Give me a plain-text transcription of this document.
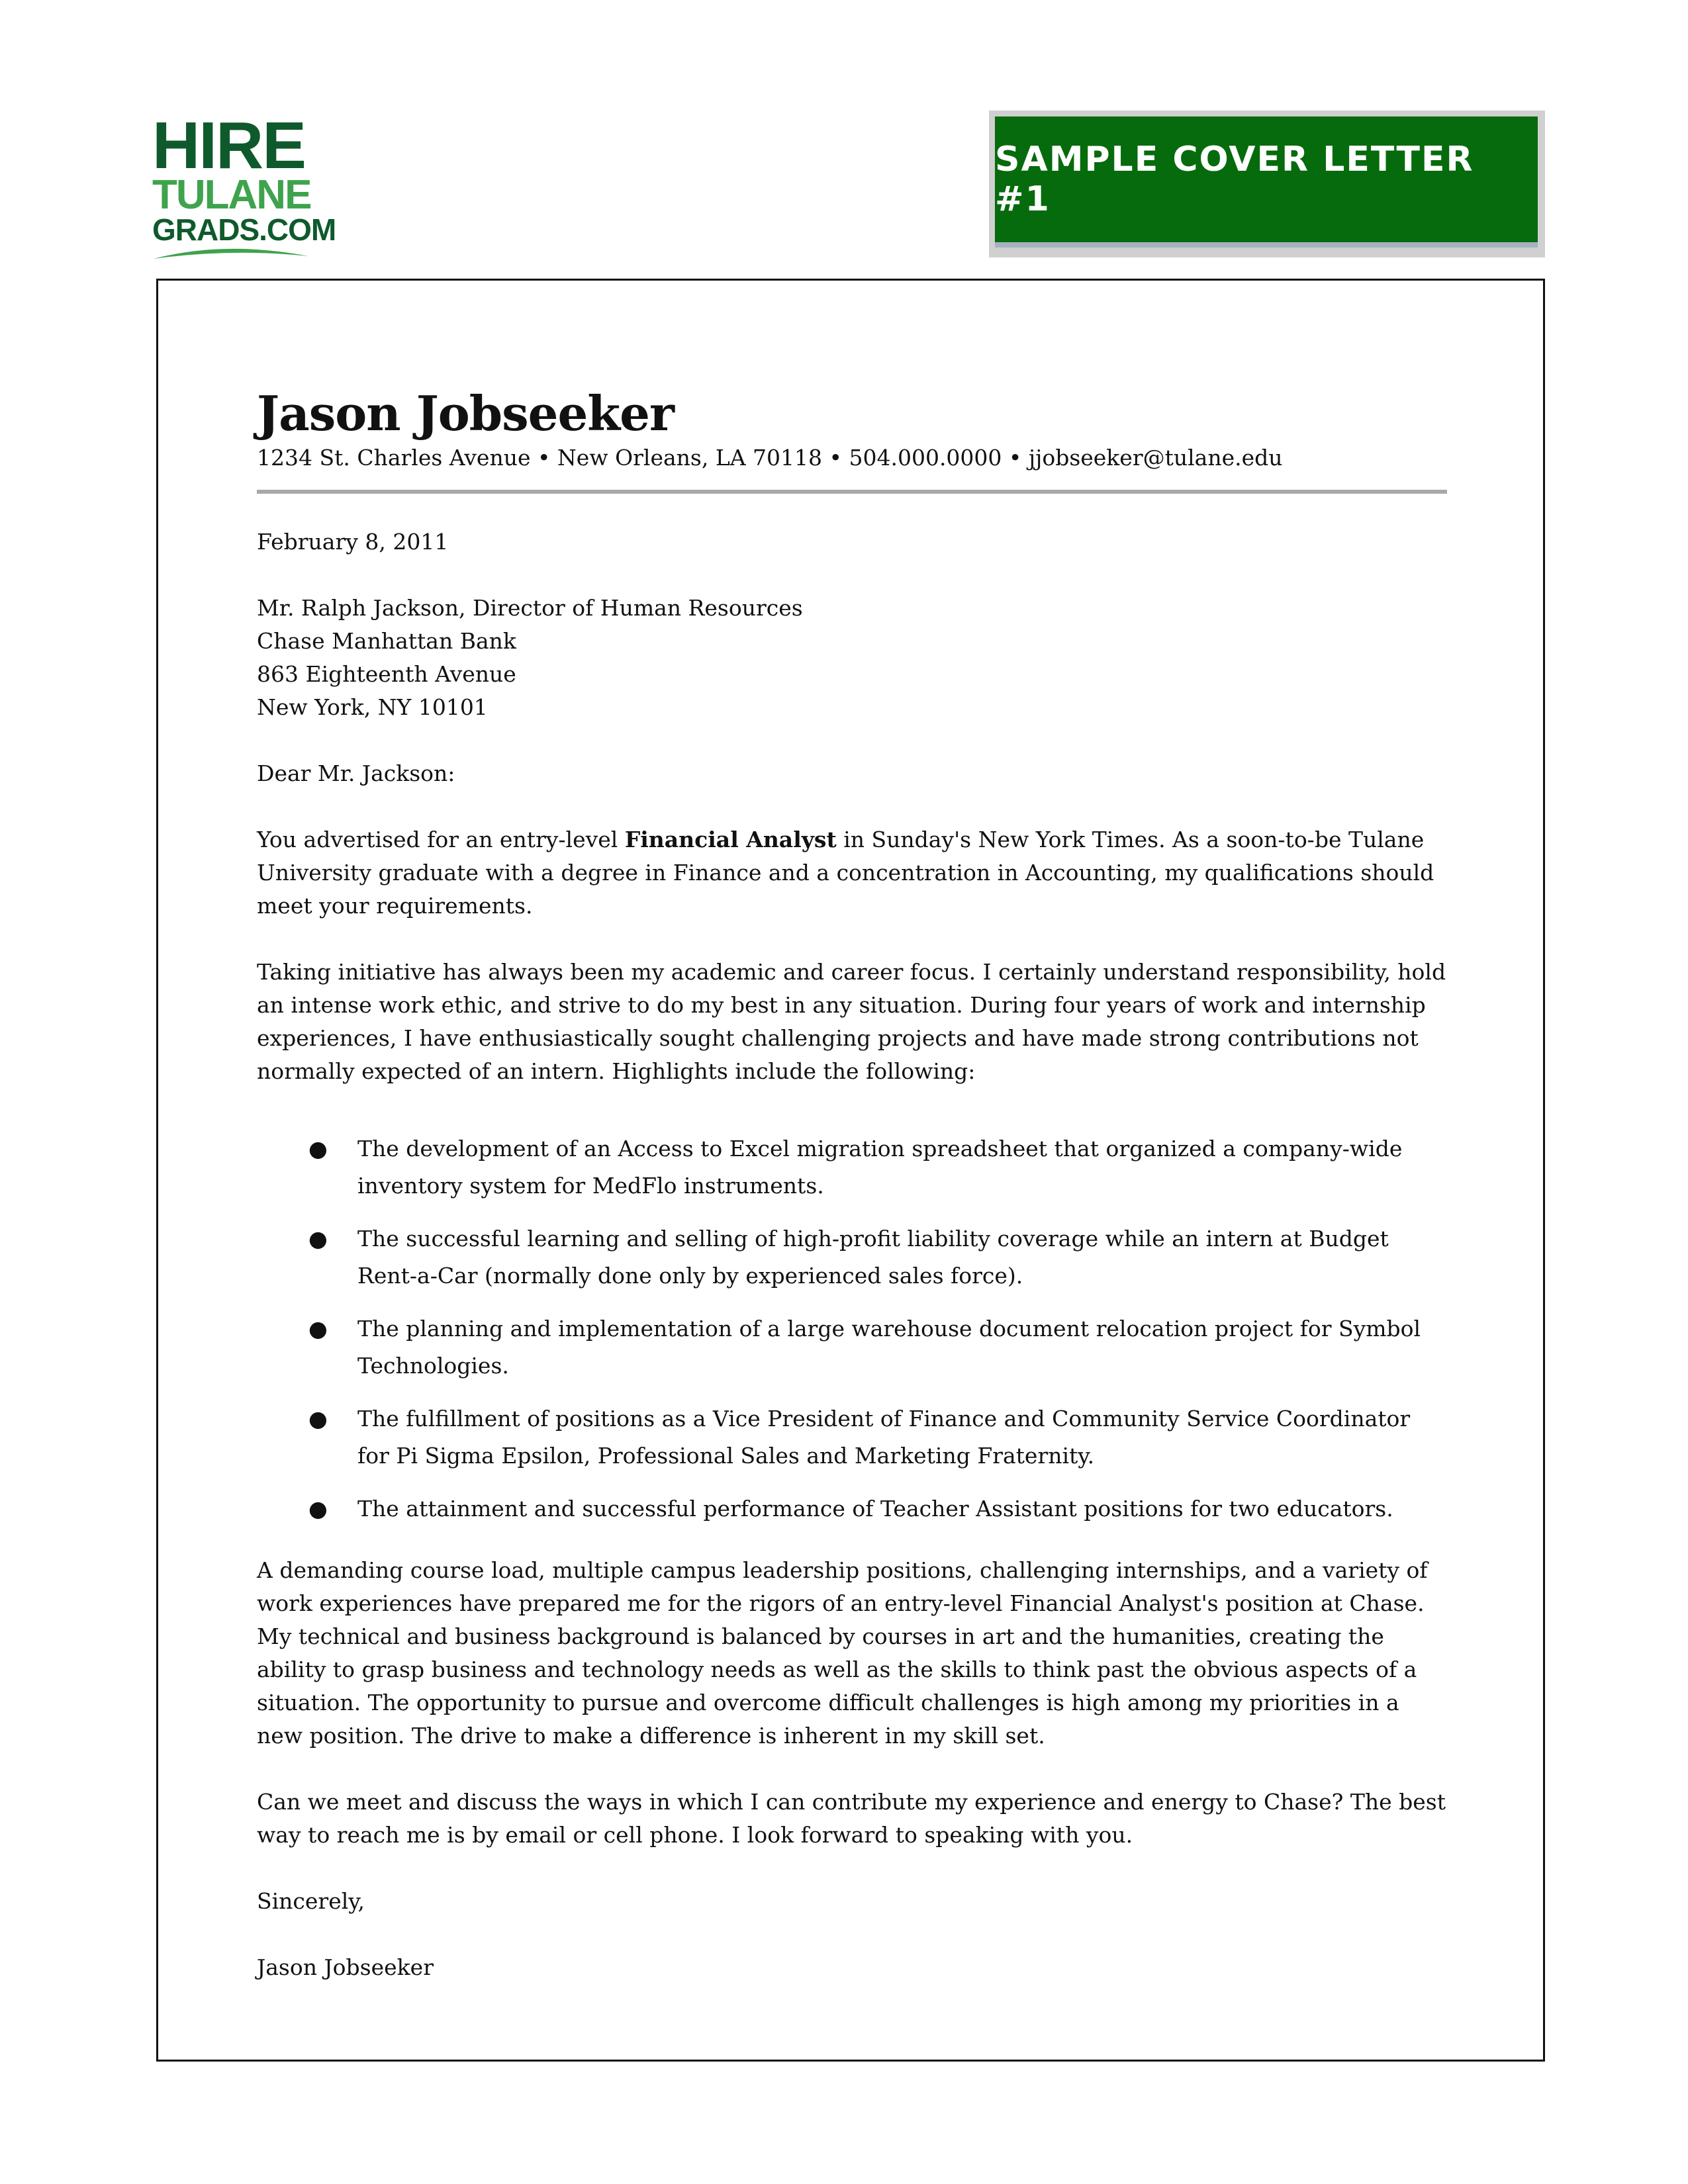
HIRE
TULANE
GRADS.COM
SAMPLE COVER LETTER #1
Jason Jobseeker

1234 St. Charles Avenue • New Orleans, LA 70118 • 504.000.0000 • jjobseeker@tulane.edu

February 8, 2011

Mr. Ralph Jackson, Director of Human Resources

Chase Manhattan Bank

863 Eighteenth Avenue

New York, NY 10101

Dear Mr. Jackson:

You advertised for an entry-level Financial Analyst in Sunday's New York Times. As a soon-to-be Tulane University graduate with a degree in Finance and a concentration in Accounting, my qualifications should meet your requirements.

Taking initiative has always been my academic and career focus. I certainly understand responsibility, hold an intense work ethic, and strive to do my best in any situation. During four years of work and internship experiences, I have enthusiastically sought challenging projects and have made strong contributions not normally expected of an intern. Highlights include the following:

● The development of an Access to Excel migration spreadsheet that organized a company-wide inventory system for MedFlo instruments.
● The successful learning and selling of high-profit liability coverage while an intern at Budget Rent-a-Car (normally done only by experienced sales force).
● The planning and implementation of a large warehouse document relocation project for Symbol Technologies.
● The fulfillment of positions as a Vice President of Finance and Community Service Coordinator for Pi Sigma Epsilon, Professional Sales and Marketing Fraternity.
● The attainment and successful performance of Teacher Assistant positions for two educators.

A demanding course load, multiple campus leadership positions, challenging internships, and a variety of work experiences have prepared me for the rigors of an entry-level Financial Analyst's position at Chase. My technical and business background is balanced by courses in art and the humanities, creating the ability to grasp business and technology needs as well as the skills to think past the obvious aspects of a situation. The opportunity to pursue and overcome difficult challenges is high among my priorities in a new position. The drive to make a difference is inherent in my skill set.

Can we meet and discuss the ways in which I can contribute my experience and energy to Chase? The best way to reach me is by email or cell phone. I look forward to speaking with you.

Sincerely,

Jason Jobseeker
